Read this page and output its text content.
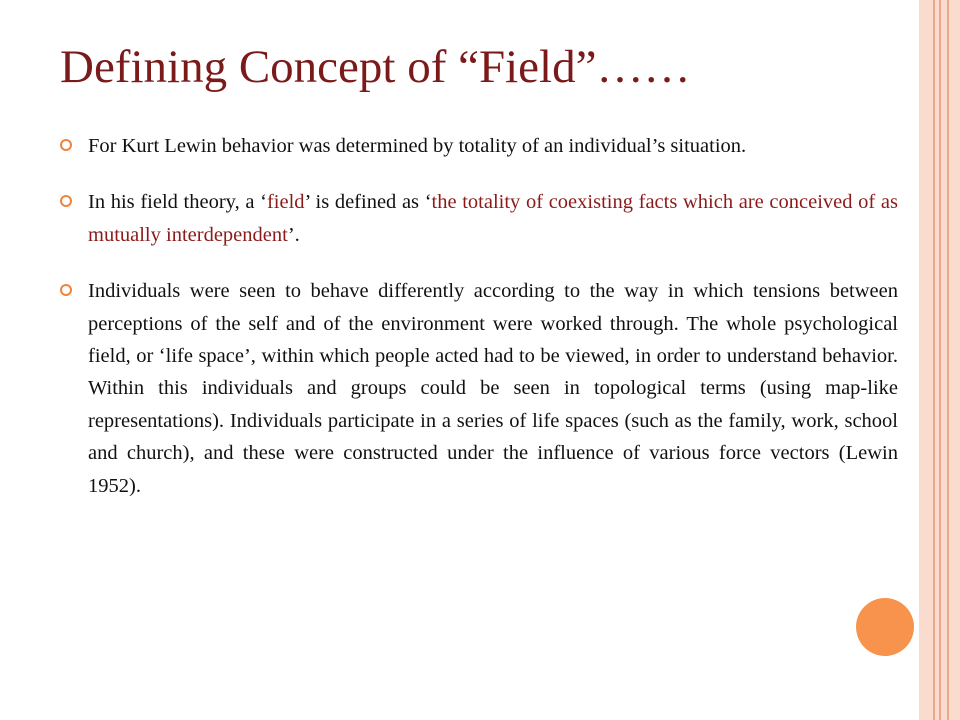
Defining Concept of “Field”……
For Kurt Lewin behavior was determined by totality of an individual’s situation.
In his field theory, a ‘field’ is defined as ‘the totality of coexisting facts which are conceived of as mutually interdependent’.
Individuals were seen to behave differently according to the way in which tensions between perceptions of the self and of the environment were worked through. The whole psychological field, or ‘life space’, within which people acted had to be viewed, in order to understand behavior. Within this individuals and groups could be seen in topological terms (using map-like representations). Individuals participate in a series of life spaces (such as the family, work, school and church), and these were constructed under the influence of various force vectors (Lewin 1952).
